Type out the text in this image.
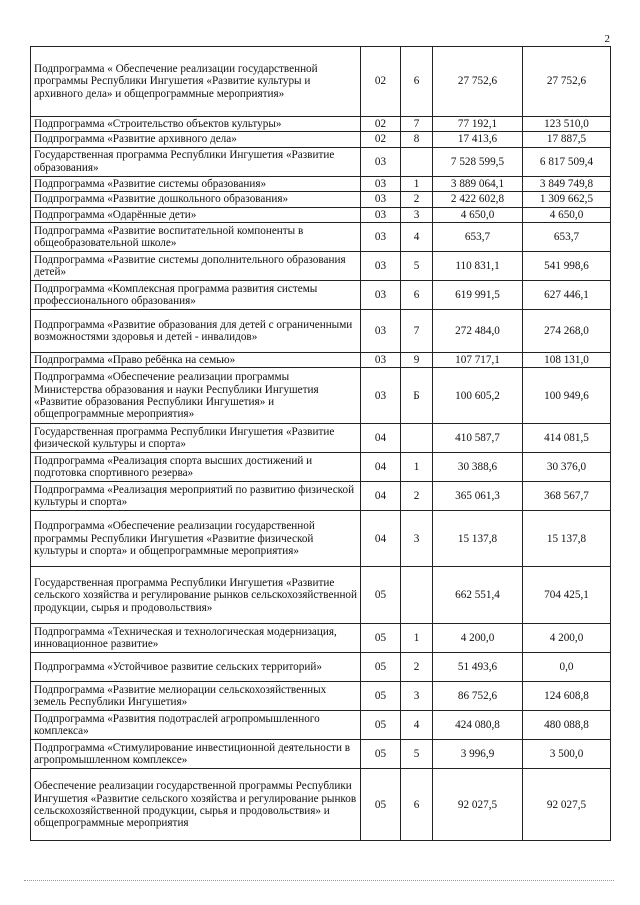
2
Подпрограмма « Обеспечение реализации государственной программы Республики Ингушетия «Развитие культуры и архивного дела» и общепрограммные мероприятия»	02	6	27 752,6	27 752,6
Подпрограмма «Строительство объектов культуры»	02	7	77 192,1	123 510,0
Подпрограмма «Развитие архивного дела»	02	8	17 413,6	17 887,5
Государственная программа Республики Ингушетия «Развитие образования»	03		7 528 599,5	6 817 509,4
Подпрограмма «Развитие системы образования»	03	1	3 889 064,1	3 849 749,8
Подпрограмма «Развитие дошкольного образования»	03	2	2 422 602,8	1 309 662,5
Подпрограмма «Одарённые дети»	03	3	4 650,0	4 650,0
Подпрограмма «Развитие воспитательной компоненты в общеобразовательной школе»	03	4	653,7	653,7
Подпрограмма «Развитие системы дополнительного образования детей»	03	5	110 831,1	541 998,6
Подпрограмма «Комплексная программа развития системы профессионального образования»	03	6	619 991,5	627 446,1
Подпрограмма «Развитие образования для детей с ограниченными возможностями здоровья и детей - инвалидов»	03	7	272 484,0	274 268,0
Подпрограмма «Право ребёнка на семью»	03	9	107 717,1	108 131,0
Подпрограмма «Обеспечение реализации программы Министерства образования и науки Республики Ингушетия «Развитие образования Республики Ингушетия» и общепрограммные мероприятия»	03	Б	100 605,2	100 949,6
Государственная программа Республики Ингушетия «Развитие физической культуры и спорта»	04		410 587,7	414 081,5
Подпрограмма «Реализация спорта высших достижений и подготовка спортивного резерва»	04	1	30 388,6	30 376,0
Подпрограмма «Реализация мероприятий по развитию физической культуры и спорта»	04	2	365 061,3	368 567,7
Подпрограмма «Обеспечение реализации государственной программы Республики Ингушетия «Развитие физической культуры и спорта» и общепрограммные мероприятия»	04	3	15 137,8	15 137,8
Государственная программа Республики Ингушетия «Развитие сельского хозяйства и регулирование рынков сельскохозяйственной продукции, сырья и продовольствия»	05		662 551,4	704 425,1
Подпрограмма «Техническая и технологическая модернизация, инновационное развитие»	05	1	4 200,0	4 200,0
Подпрограмма «Устойчивое развитие сельских территорий»	05	2	51 493,6	0,0
Подпрограмма «Развитие мелиорации сельскохозяйственных земель Республики Ингушетия»	05	3	86 752,6	124 608,8
Подпрограмма «Развития подотраслей агропромышленного комплекса»	05	4	424 080,8	480 088,8
Подпрограмма «Стимулирование инвестиционной деятельности в агропромышленном комплексе»	05	5	3 996,9	3 500,0
Обеспечение реализации государственной программы Республики Ингушетия «Развитие сельского хозяйства и регулирование рынков сельскохозяйственной продукции, сырья и продовольствия» и общепрограммные мероприятия	05	6	92 027,5	92 027,5
